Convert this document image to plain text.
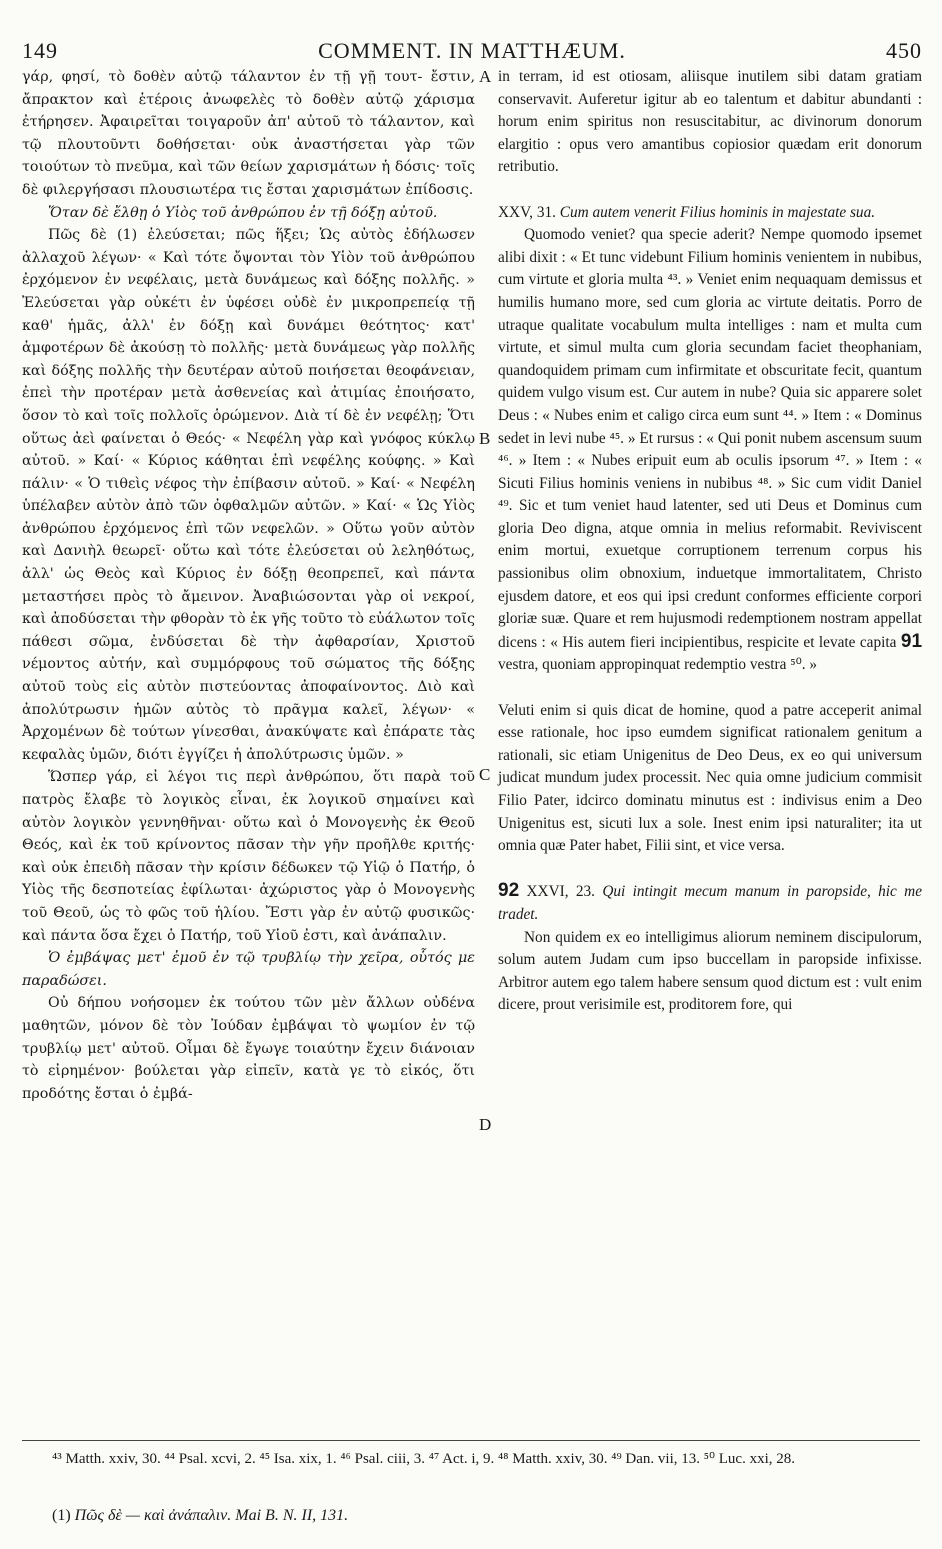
149	COMMENT. IN MATTHÆUM.	450

γάρ, φησί, τὸ δοθὲν αὐτῷ τάλαντον ἐν τῇ γῇ τουτ- ἔστιν, ἄπρακτον καὶ ἑτέροις ἀνωφελὲς τὸ δοθὲν αὐτῷ χάρισμα ἐτήρησεν. Ἀφαιρεῖται τοιγαροῦν ἀπ' αὐτοῦ τὸ τάλαντον, καὶ τῷ πλουτοῦντι δοθήσεται· οὐκ ἀναστήσεται γὰρ τῶν τοιούτων τὸ πνεῦμα, καὶ τῶν θείων χαρισμάτων ἡ δόσις· τοῖς δὲ φιλεργήσασι πλουσιωτέρα τις ἔσται χαρισμάτων ἐπίδοσις.

Ὅταν δὲ ἔλθῃ ὁ Υἱὸς τοῦ ἀνθρώπου ἐν τῇ δόξῃ αὐτοῦ.

Πῶς δὲ (1) ἐλεύσεται; πῶς ἥξει; Ὡς αὐτὸς ἐδήλωσεν ἀλλαχοῦ λέγων· « Καὶ τότε ὄψονται τὸν Υἱὸν τοῦ ἀνθρώπου ἐρχόμενον ἐν νεφέλαις, μετὰ δυνάμεως καὶ δόξης πολλῆς. » Ἐλεύσεται γὰρ οὐκέτι ἐν ὑφέσει οὐδὲ ἐν μικροπρεπείᾳ τῇ καθ' ἡμᾶς, ἀλλ' ἐν δόξῃ καὶ δυνάμει θεότητος· κατ' ἀμφοτέρων δὲ ἀκούσῃ τὸ πολλῆς· μετὰ δυνάμεως γὰρ πολλῆς καὶ δόξης πολλῆς τὴν δευτέραν αὐτοῦ ποιήσεται θεοφάνειαν, ἐπεὶ τὴν προτέραν μετὰ ἀσθενείας καὶ ἀτιμίας ἐποιήσατο, ὅσον τὸ καὶ τοῖς πολλοῖς ὁρώμενον. Διὰ τί δὲ ἐν νεφέλῃ; Ὅτι οὕτως ἀεὶ φαίνεται ὁ Θεός· « Νεφέλη γὰρ καὶ γνόφος κύκλῳ αὐτοῦ. » Καί· « Κύριος κάθηται ἐπὶ νεφέλης κούφης. » Καὶ πάλιν· « Ὁ τιθεὶς νέφος τὴν ἐπίβασιν αὐτοῦ. » Καί· « Νεφέλη ὑπέλαβεν αὐτὸν ἀπὸ τῶν ὀφθαλμῶν αὐτῶν. » Καί· « Ὡς Υἱὸς ἀνθρώπου ἐρχόμενος ἐπὶ τῶν νεφελῶν. » Οὕτω γοῦν αὐτὸν καὶ Δανιὴλ θεωρεῖ· οὕτω καὶ τότε ἐλεύσεται οὐ λεληθότως, ἀλλ' ὡς Θεὸς καὶ Κύριος ἐν δόξῃ θεοπρεπεῖ, καὶ πάντα μεταστήσει πρὸς τὸ ἄμεινον. Ἀναβιώσονται γὰρ οἱ νεκροί, καὶ ἀποδύσεται τὴν φθορὰν τὸ ἐκ γῆς τοῦτο τὸ εὐάλωτον τοῖς πάθεσι σῶμα, ἐνδύσεται δὲ τὴν ἀφθαρσίαν, Χριστοῦ νέμοντος αὐτήν, καὶ συμμόρφους τοῦ σώματος τῆς δόξης αὐτοῦ τοὺς εἰς αὐτὸν πιστεύοντας ἀποφαίνοντος. Διὸ καὶ ἀπολύτρωσιν ἡμῶν αὐτὸς τὸ πρᾶγμα καλεῖ, λέγων· « Ἀρχομένων δὲ τούτων γίνεσθαι, ἀνακύψατε καὶ ἐπάρατε τὰς κεφαλὰς ὑμῶν, διότι ἐγγίζει ἡ ἀπολύτρωσις ὑμῶν. »

Ὥσπερ γάρ, εἰ λέγοι τις περὶ ἀνθρώπου, ὅτι παρὰ τοῦ πατρὸς ἔλαβε τὸ λογικὸς εἶναι, ἐκ λογικοῦ σημαίνει καὶ αὐτὸν λογικὸν γεννηθῆναι· οὕτω καὶ ὁ Μονογενὴς ἐκ Θεοῦ Θεός, καὶ ἐκ τοῦ κρίνοντος πᾶσαν τὴν γῆν προῆλθε κριτής· καὶ οὐκ ἐπειδὴ πᾶσαν τὴν κρίσιν δέδωκεν τῷ Υἱῷ ὁ Πατήρ, ὁ Υἱὸς τῆς δεσποτείας ἐφίλωται· ἀχώριστος γὰρ ὁ Μονογενὴς τοῦ Θεοῦ, ὡς τὸ φῶς τοῦ ἡλίου. Ἔστι γὰρ ἐν αὐτῷ φυσικῶς· καὶ πάντα ὅσα ἔχει ὁ Πατήρ, τοῦ Υἱοῦ ἐστι, καὶ ἀνάπαλιν.

Ὁ ἐμβάψας μετ' ἐμοῦ ἐν τῷ τρυβλίῳ τὴν χεῖρα, οὗτός με παραδώσει.

Οὐ δήπου νοήσομεν ἐκ τούτου τῶν μὲν ἄλλων οὐδένα μαθητῶν, μόνον δὲ τὸν Ἰούδαν ἐμβάψαι τὸ ψωμίον ἐν τῷ τρυβλίῳ μετ' αὐτοῦ. Οἶμαι δὲ ἔγωγε τοιαύτην ἔχειν διάνοιαν τὸ εἰρημένον· βούλεται γὰρ εἰπεῖν, κατὰ γε τὸ εἰκός, ὅτι προδότης ἔσται ὁ ἐμβά-

in terram, id est otiosam, aliisque inutilem sibi datam gratiam conservavit. Auferetur igitur ab eo talentum et dabitur abundanti : horum enim spiritus non resuscitabitur, ac divinorum donorum elargitio : opus vero amantibus copiosior quædam erit donorum retributio.

XXV, 31. Cum autem venerit Filius hominis in majestate sua.

Quomodo veniet? qua specie aderit? Nempe quomodo ipsemet alibi dixit : « Et tunc videbunt Filium hominis venientem in nubibus, cum virtute et gloria multa ⁴³. » Veniet enim nequaquam demissus et humilis humano more, sed cum gloria ac virtute deitatis. Porro de utraque qualitate vocabulum multa intelliges : nam et multa cum virtute, et simul multa cum gloria secundam faciet theophaniam, quandoquidem primam cum infirmitate et obscuritate fecit, quantum quidem vulgo visum est. Cur autem in nube? Quia sic apparere solet Deus : « Nubes enim et caligo circa eum sunt ⁴⁴. » Item : « Dominus sedet in levi nube ⁴⁵. » Et rursus : « Qui ponit nubem ascensum suum ⁴⁶. » Item : « Nubes eripuit eum ab oculis ipsorum ⁴⁷. » Item : « Sicuti Filius hominis veniens in nubibus ⁴⁸. » Sic cum vidit Daniel ⁴⁹. Sic et tum veniet haud latenter, sed uti Deus et Dominus cum gloria Deo digna, atque omnia in melius reformabit. Reviviscent enim mortui, exuetque corruptionem terrenum corpus his passionibus olim obnoxium, induetque immortalitatem, Christo ejusdem datore, et eos qui ipsi credunt conformes efficiente corpori gloriæ suæ. Quare et rem hujusmodi redemptionem nostram appellat dicens : « His autem fieri incipientibus, respicite et levate capita 91 vestra, quoniam appropinquat redemptio vestra ⁵⁰. »

Veluti enim si quis dicat de homine, quod a patre acceperit animal esse rationale, hoc ipso eumdem significat rationalem genitum a rationali, sic etiam Unigenitus de Deo Deus, ex eo qui universum judicat mundum judex processit. Nec quia omne judicium commisit Filio Pater, idcirco dominatu minutus est : indivisus enim a Deo Unigenitus est, sicuti lux a sole. Inest enim ipsi naturaliter; ita ut omnia quæ Pater habet, Filii sint, et vice versa.

92 XXVI, 23. Qui intingit mecum manum in paropside, hic me tradet.

Non quidem ex eo intelligimus aliorum neminem discipulorum, solum autem Judam cum ipso buccellam in paropside infixisse. Arbitror autem ego talem habere sensum quod dictum est : vult enim dicere, prout verisimile est, proditorem fore, qui

A
B
C
D
⁴³ Matth. xxiv, 30. ⁴⁴ Psal. xcvi, 2. ⁴⁵ Isa. xix, 1. ⁴⁶ Psal. ciii, 3. ⁴⁷ Act. i, 9. ⁴⁸ Matth. xxiv, 30. ⁴⁹ Dan. vii, 13. ⁵⁰ Luc. xxi, 28.
(1) Πῶς δὲ — καὶ ἀνάπαλιν. Mai B. N. II, 131.
